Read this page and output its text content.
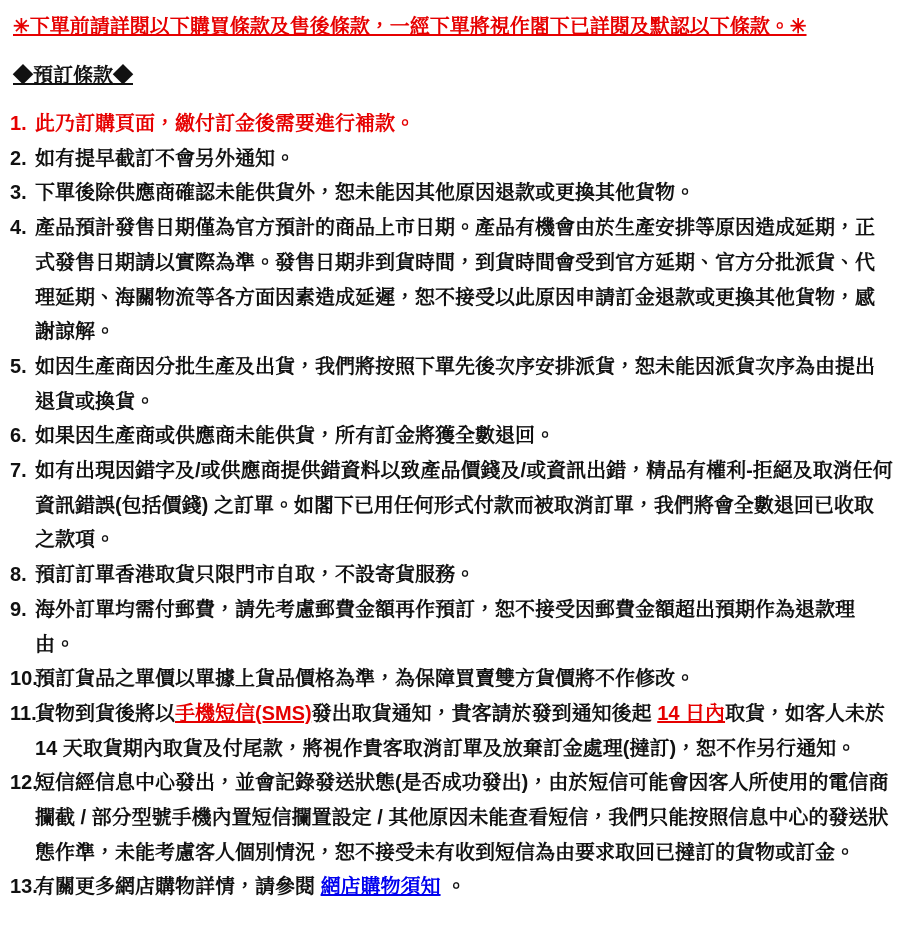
✳下單前請詳閱以下購買條款及售後條款，一經下單將視作閣下已詳閱及默認以下條款。✳
◆預訂條款◆
1. 此乃訂購頁面，繳付訂金後需要進行補款。
2. 如有提早截訂不會另外通知。
3. 下單後除供應商確認未能供貨外，恕未能因其他原因退款或更換其他貨物。
4. 產品預計發售日期僅為官方預計的商品上市日期。產品有機會由於生產安排等原因造成延期，正式發售日期請以實際為準。發售日期非到貨時間，到貨時間會受到官方延期、官方分批派貨、代理延期、海關物流等各方面因素造成延遲，恕不接受以此原因申請訂金退款或更換其他貨物，感謝諒解。
5. 如因生產商因分批生產及出貨，我們將按照下單先後次序安排派貨，恕未能因派貨次序為由提出退貨或換貨。
6. 如果因生產商或供應商未能供貨，所有訂金將獲全數退回。
7. 如有出現因錯字及/或供應商提供錯資料以致產品價錢及/或資訊出錯，精品有權利-拒絕及取消任何資訊錯誤(包括價錢) 之訂單。如閣下已用任何形式付款而被取消訂單，我們將會全數退回已收取之款項。
8. 預訂訂單香港取貨只限門市自取，不設寄貨服務。
9. 海外訂單均需付郵費，請先考慮郵費金額再作預訂，恕不接受因郵費金額超出預期作為退款理由。
10.
預訂貨品之單價以單據上貨品價格為準，為保障買賣雙方貨價將不作修改。
11.
貨物到貨後將以手機短信(SMS)發出取貨通知，貴客請於發到通知後起 14 日內取貨，如客人未於 14 天取貨期內取貨及付尾款，將視作貴客取消訂單及放棄訂金處理(撻訂)，恕不作另行通知。
12.
短信經信息中心發出，並會記錄發送狀態(是否成功發出)，由於短信可能會因客人所使用的電信商攔截 / 部分型號手機內置短信攔置設定 / 其他原因未能查看短信，我們只能按照信息中心的發送狀態作準，未能考慮客人個別情況，恕不接受未有收到短信為由要求取回已撻訂的貨物或訂金。
13.
有關更多網店購物詳情，請參閱 網店購物須知 。
